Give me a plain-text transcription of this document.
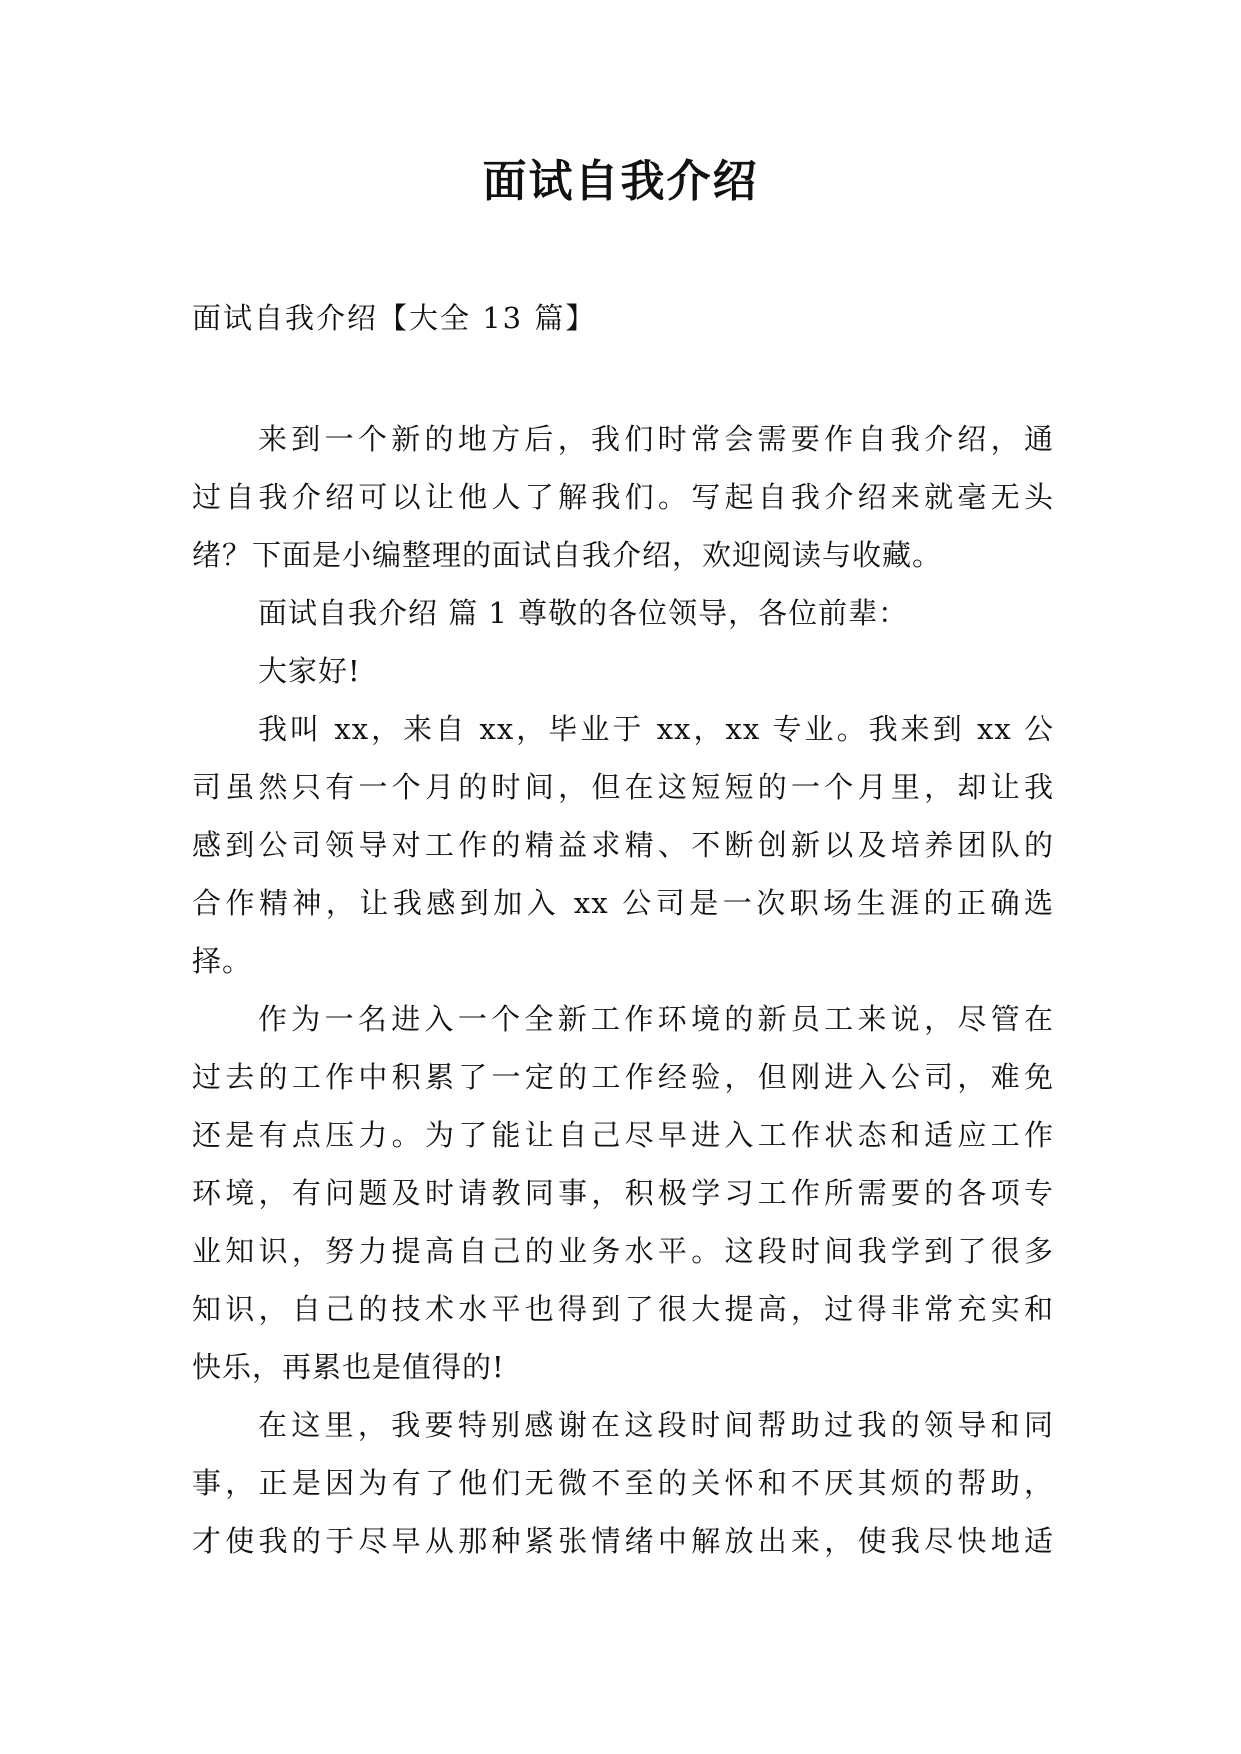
面试自我介绍
面试自我介绍【大全 13 篇】
来到一个新的地方后，我们时常会需要作自我介绍，通
过自我介绍可以让他人了解我们。写起自我介绍来就毫无头
绪？下面是小编整理的面试自我介绍，欢迎阅读与收藏。
面试自我介绍 篇 1 尊敬的各位领导，各位前辈：
大家好!
我叫 xx，来自 xx，毕业于 xx，xx 专业。我来到 xx 公
司虽然只有一个月的时间，但在这短短的一个月里，却让我
感到公司领导对工作的精益求精、不断创新以及培养团队的
合作精神，让我感到加入 xx 公司是一次职场生涯的正确选
择。
作为一名进入一个全新工作环境的新员工来说，尽管在
过去的工作中积累了一定的工作经验，但刚进入公司，难免
还是有点压力。为了能让自己尽早进入工作状态和适应工作
环境，有问题及时请教同事，积极学习工作所需要的各项专
业知识，努力提高自己的业务水平。这段时间我学到了很多
知识，自己的技术水平也得到了很大提高，过得非常充实和
快乐，再累也是值得的!
在这里，我要特别感谢在这段时间帮助过我的领导和同
事，正是因为有了他们无微不至的关怀和不厌其烦的帮助，
才使我的于尽早从那种紧张情绪中解放出来，使我尽快地适
